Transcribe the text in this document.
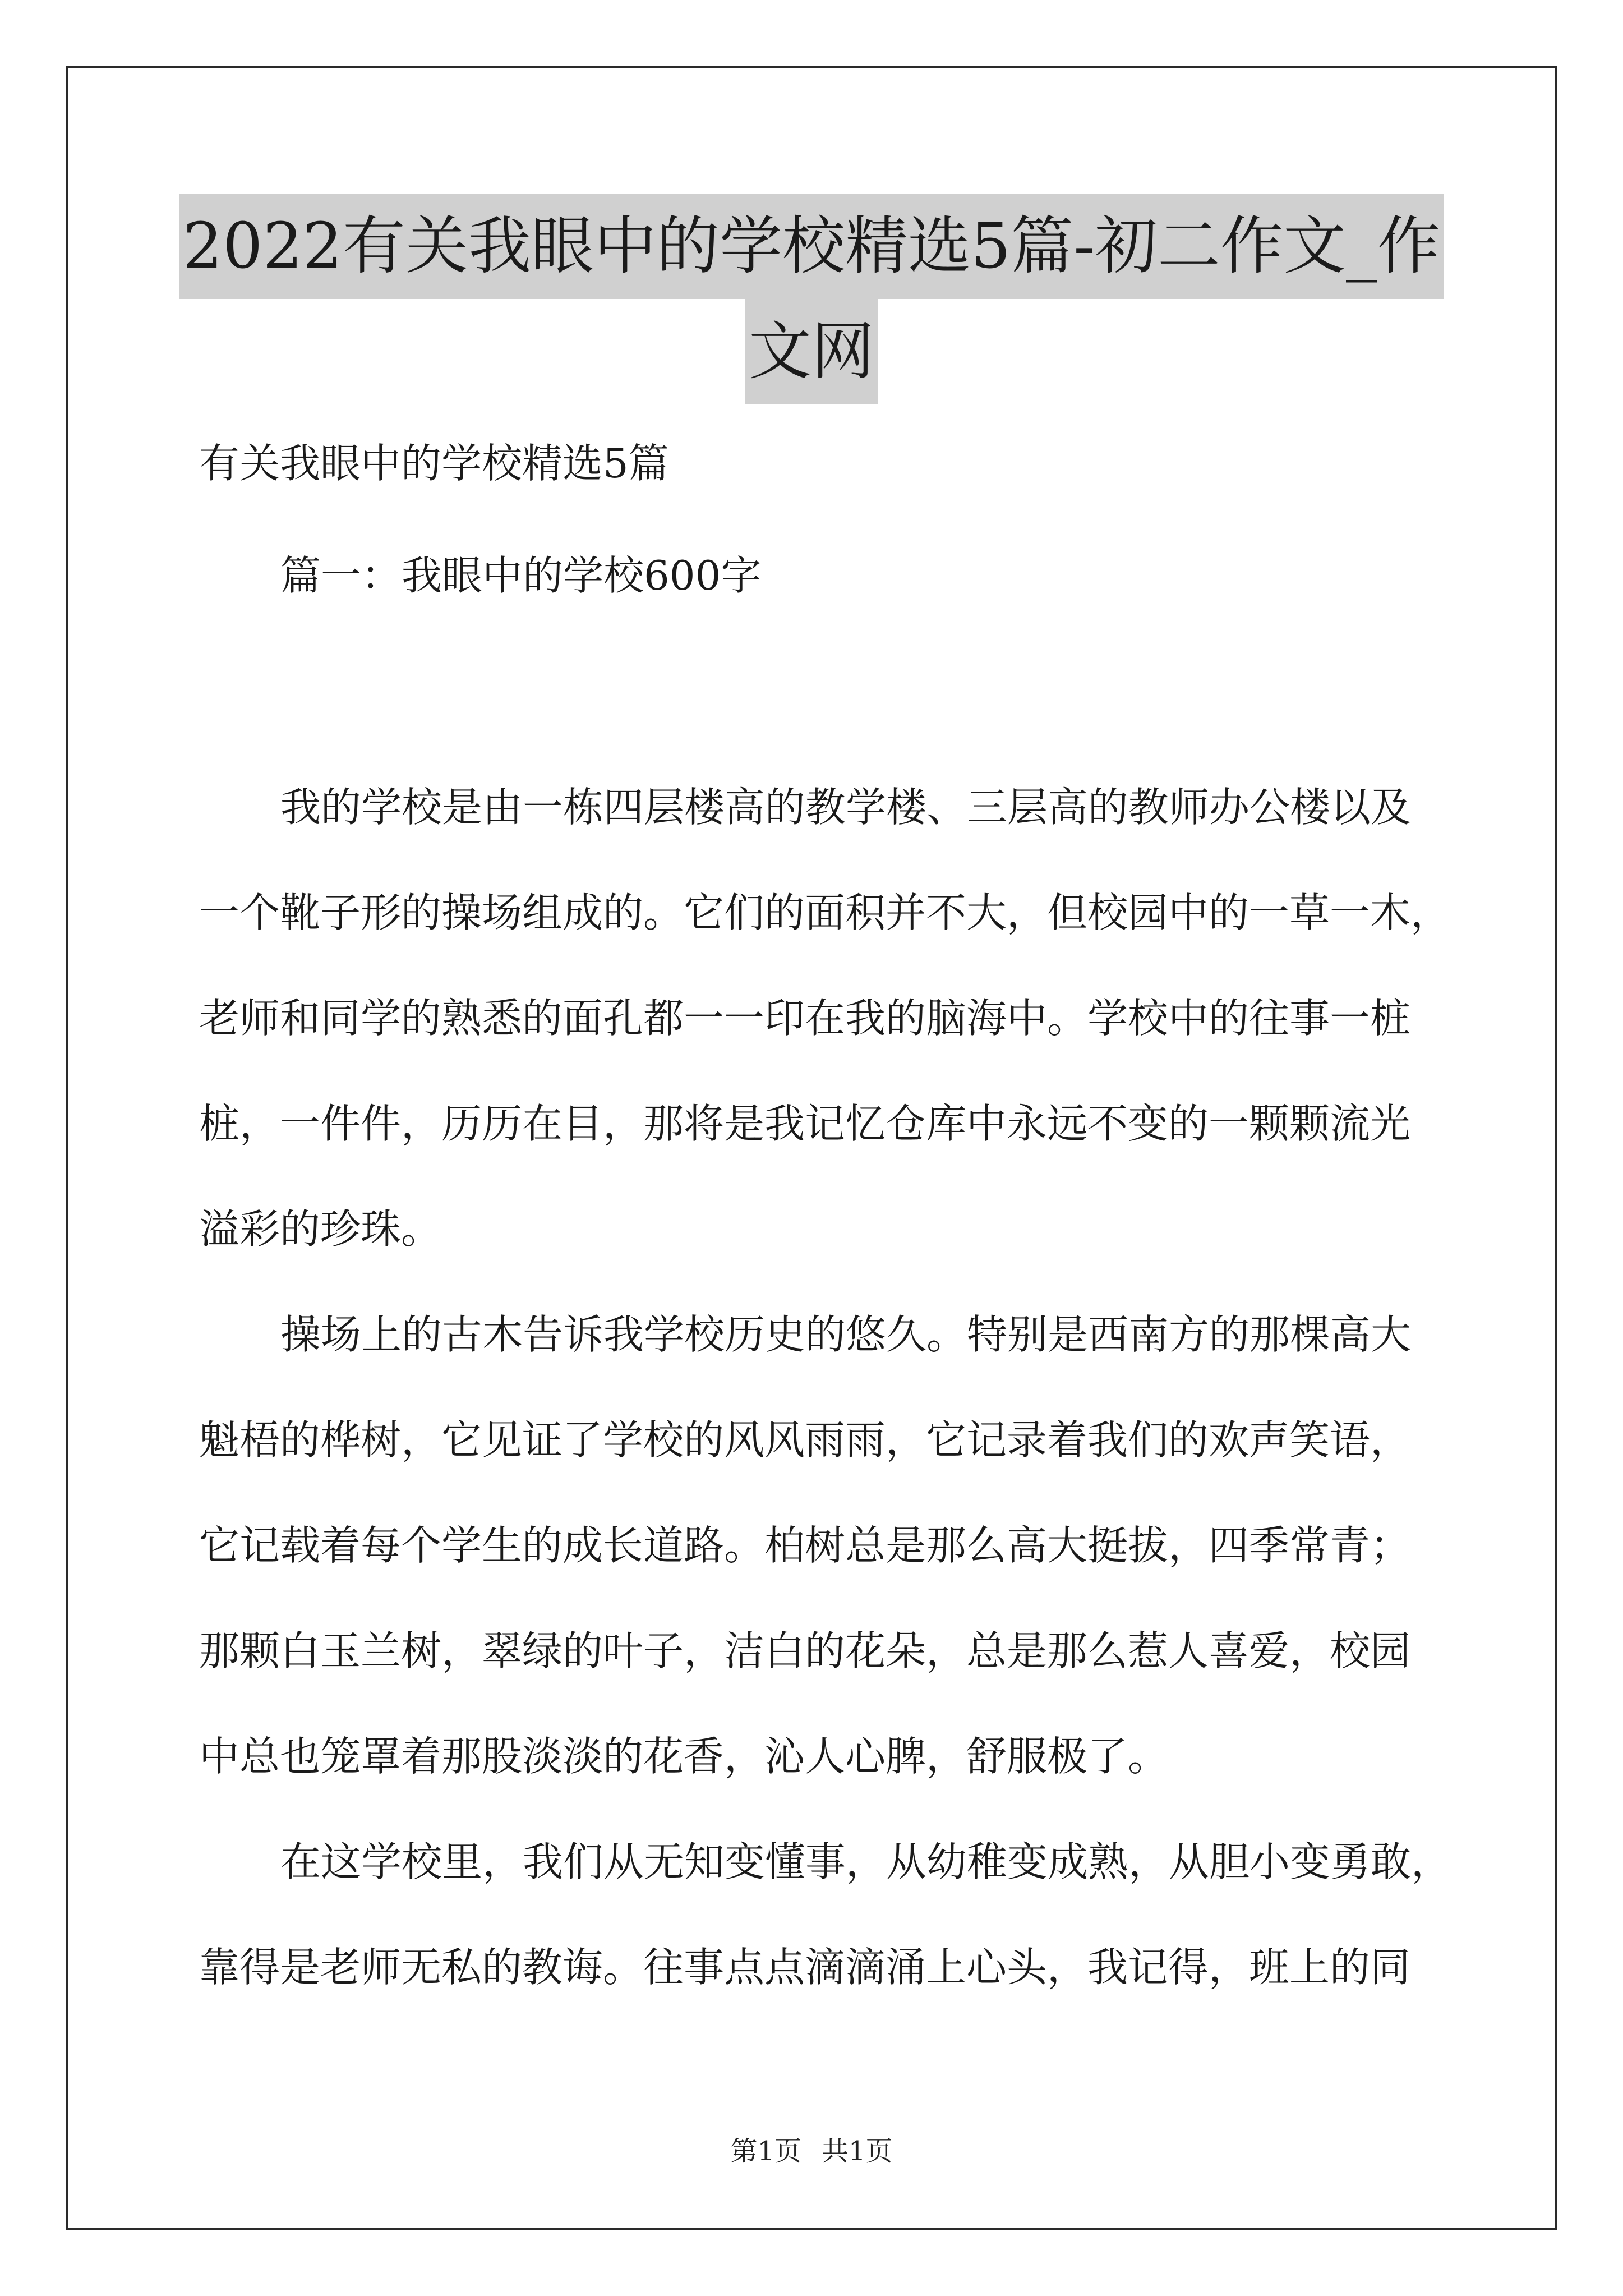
2022有关我眼中的学校精选5篇-初二作文_作
文网
有关我眼中的学校精选5篇
篇一：我眼中的学校600字
我的学校是由一栋四层楼高的教学楼、三层高的教师办公楼以及
一个靴子形的操场组成的。它们的面积并不大，但校园中的一草一木，
老师和同学的熟悉的面孔都一一印在我的脑海中。学校中的往事一桩
桩，一件件，历历在目，那将是我记忆仓库中永远不变的一颗颗流光
溢彩的珍珠。
操场上的古木告诉我学校历史的悠久。特别是西南方的那棵高大
魁梧的桦树，它见证了学校的风风雨雨，它记录着我们的欢声笑语，
它记载着每个学生的成长道路。柏树总是那么高大挺拔，四季常青；
那颗白玉兰树，翠绿的叶子，洁白的花朵，总是那么惹人喜爱，校园
中总也笼罩着那股淡淡的花香，沁人心脾，舒服极了。
在这学校里，我们从无知变懂事，从幼稚变成熟，从胆小变勇敢，
靠得是老师无私的教诲。往事点点滴滴涌上心头，我记得，班上的同
第1页 共1页
